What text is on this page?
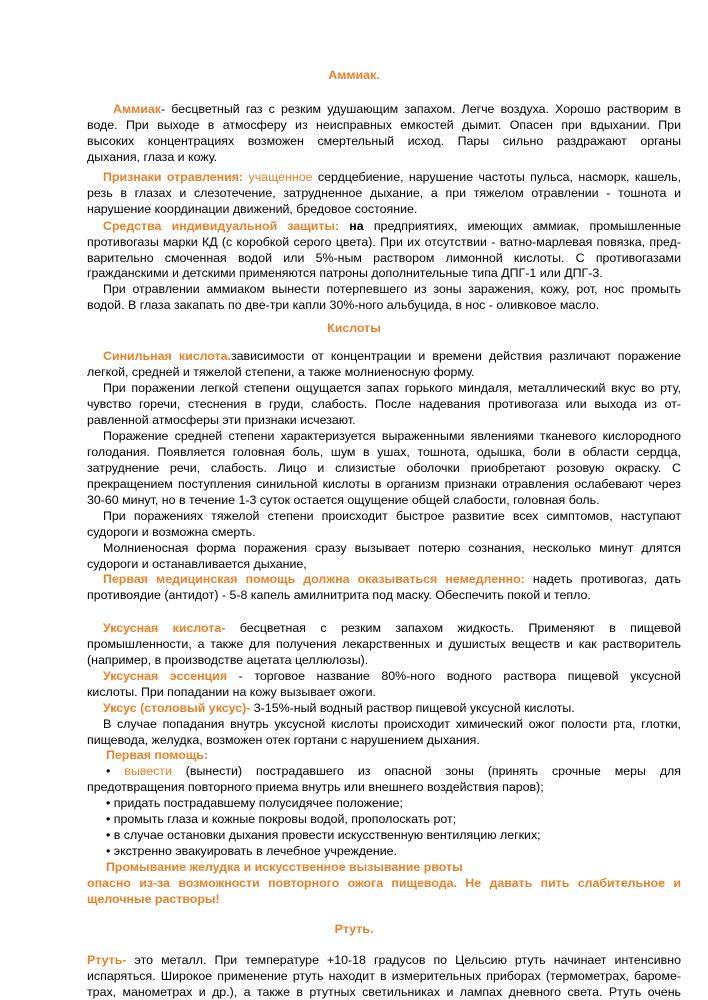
Аммиак.
Аммиак- бесцветный газ с резким удушающим запахом. Легче воздуха. Хорошо растворим в
воде. При выходе в атмосферу из неисправных емкостей дымит. Опасен при вдыхании. При
высоких концентрациях возможен смертельный исход. Пары сильно раздражают органы
дыхания, глаза и кожу.
Признаки отравления: учащенное сердцебиение, нарушение частоты пульса, насморк, кашель,
резь в глазах и слезотечение, затрудненное дыхание, а при тяжелом отравлении - тошнота и
нарушение координации движений, бредовое состояние.
Средства индивидуальной защиты: на предприятиях, имеющих аммиак, промышленные
противогазы марки КД (с коробкой серого цвета). При их отсутствии - ватно-марлевая повязка, пред-
варительно смоченная водой или 5%-ным раствором лимонной кислоты. С противогазами
гражданскими и детскими применяются патроны дополнительные типа ДПГ-1 или ДПГ-3.
При отравлении аммиаком вынести потерпевшего из зоны заражения, кожу, рот, нос промыть
водой. В глаза закапать по две-три капли 30%-ного альбуцида, в нос - оливковое масло.
Кислоты
Синильная кислота.зависимости от концентрации и времени действия различают поражение
легкой, средней и тяжелой степени, а также молниеносную форму.
При поражении легкой степени ощущается запах горького миндаля, металлический вкус во рту,
чувство горечи, стеснения в груди, слабость. После надевания противогаза или выхода из от-
равленной атмосферы эти признаки исчезают.
Поражение средней степени характеризуется выраженными явлениями тканевого кислородного
голодания. Появляется головная боль, шум в ушах, тошнота, одышка, боли в области сердца,
затруднение речи, слабость. Лицо и слизистые оболочки приобретают розовую окраску. С
прекращением поступления синильной кислоты в организм признаки отравления ослабевают через
30-60 минут, но в течение 1-3 суток остается ощущение общей слабости, головная боль.
При поражениях тяжелой степени происходит быстрое развитие всех симптомов, наступают
судороги и возможна смерть.
Молниеносная форма поражения сразу вызывает потерю сознания, несколько минут длятся
судороги и останавливается дыхание,
Первая медицинская помощь должна оказываться немедленно: надеть противогаз, дать
противоядие (антидот) - 5-8 капель амилнитрита под маску. Обеспечить покой и тепло.
Уксусная кислота- бесцветная с резким запахом жидкость. Применяют в пищевой
промышленности, а также для получения лекарственных и душистых веществ и как растворитель
(например, в производстве ацетата целлюлозы).
Уксусная эссенция - торговое название 80%-ного водного раствора пищевой уксусной
кислоты. При попадании на кожу вызывает ожоги.
Уксус (столовый уксус)- 3-15%-ный водный раствор пищевой уксусной кислоты.
В случае попадания внутрь уксусной кислоты происходит химический ожог полости рта, глотки,
пищевода, желудка, возможен отек гортани с нарушением дыхания.
Первая помощь:
• вывести (вынести) пострадавшего из опасной зоны (принять срочные меры для
предотвращения повторного приема внутрь или внешнего воздействия паров);
• придать пострадавшему полусидячее положение;
• промыть глаза и кожные покровы водой, прополоскать рот;
• в случае остановки дыхания провести искусственную вентиляцию легких;
• экстренно эвакуировать в лечебное учреждение.
Промывание желудка и искусственное вызывание рвоты
опасно из-за возможности повторного ожога пищевода. Не давать пить слабительное и
щелочные растворы!
Ртуть.
Ртуть- это металл. При температуре +10-18 градусов по Цельсию ртуть начинает интенсивно
испаряться. Широкое применение ртуть находит в измерительных приборах (термометрах, бароме-
трах, манометрах и др.), а также в ртутных светильниках и лампах дневного света. Ртуть очень
